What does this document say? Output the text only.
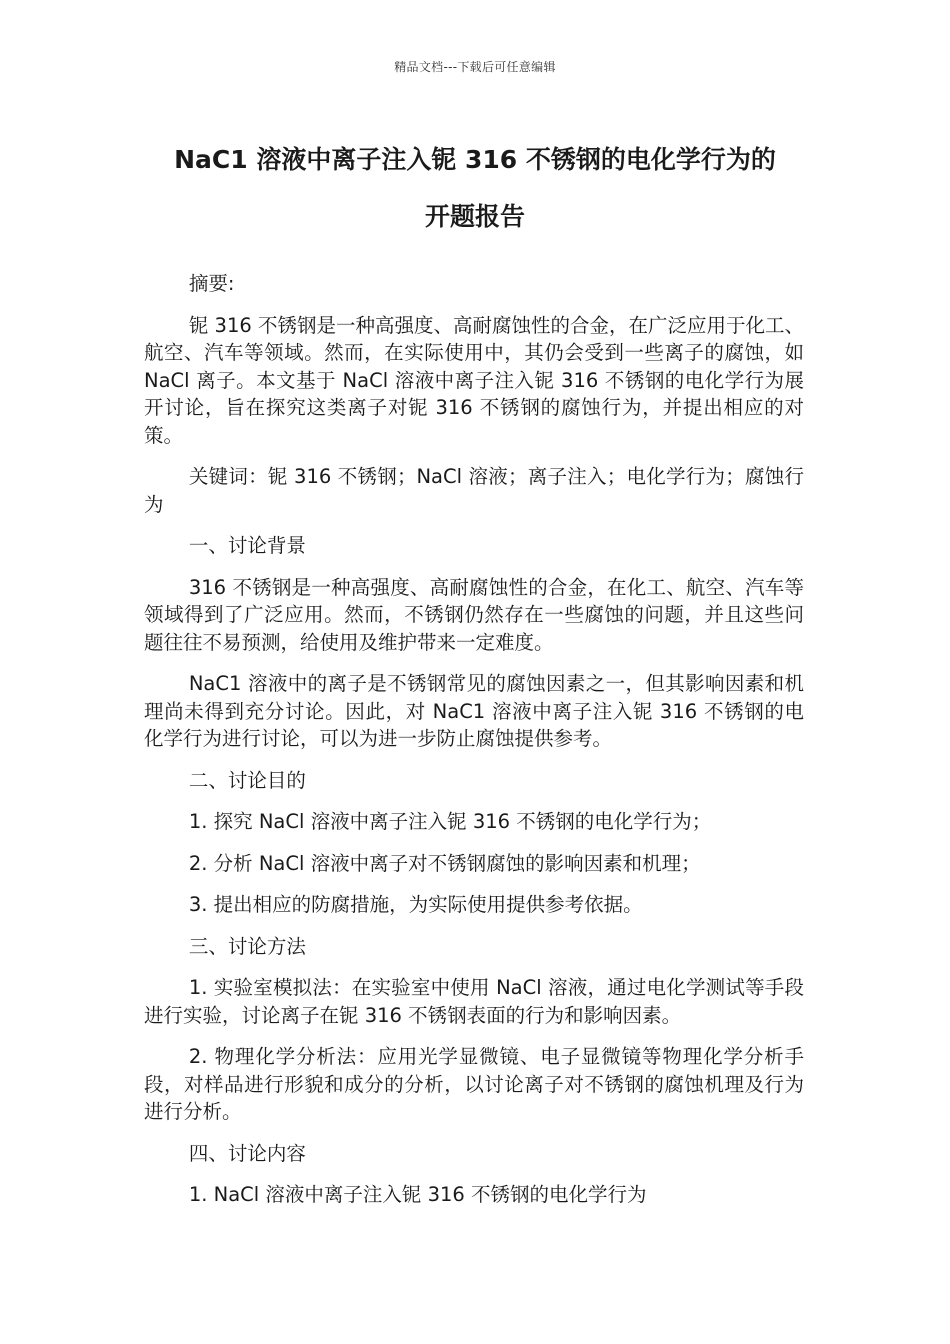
精品文档---下载后可任意编辑
NaC1 溶液中离子注入铌 316 不锈钢的电化学行为的
开题报告

摘要:

铌 316 不锈钢是一种高强度、高耐腐蚀性的合金，在广泛应用于化工、航空、汽车等领域。然而，在实际使用中，其仍会受到一些离子的腐蚀，如 NaCl 离子。本文基于 NaCl 溶液中离子注入铌 316 不锈钢的电化学行为展开讨论，旨在探究这类离子对铌 316 不锈钢的腐蚀行为，并提出相应的对策。

关键词：铌 316 不锈钢；NaCl 溶液；离子注入；电化学行为；腐蚀行为

一、讨论背景

316 不锈钢是一种高强度、高耐腐蚀性的合金，在化工、航空、汽车等领域得到了广泛应用。然而，不锈钢仍然存在一些腐蚀的问题，并且这些问题往往不易预测，给使用及维护带来一定难度。

NaC1 溶液中的离子是不锈钢常见的腐蚀因素之一，但其影响因素和机理尚未得到充分讨论。因此，对 NaC1 溶液中离子注入铌 316 不锈钢的电化学行为进行讨论，可以为进一步防止腐蚀提供参考。

二、讨论目的

1. 探究 NaCl 溶液中离子注入铌 316 不锈钢的电化学行为；

2. 分析 NaCl 溶液中离子对不锈钢腐蚀的影响因素和机理；

3. 提出相应的防腐措施，为实际使用提供参考依据。

三、讨论方法

1. 实验室模拟法：在实验室中使用 NaCl 溶液，通过电化学测试等手段进行实验，讨论离子在铌 316 不锈钢表面的行为和影响因素。

2. 物理化学分析法：应用光学显微镜、电子显微镜等物理化学分析手段，对样品进行形貌和成分的分析，以讨论离子对不锈钢的腐蚀机理及行为进行分析。

四、讨论内容

1. NaCl 溶液中离子注入铌 316 不锈钢的电化学行为
